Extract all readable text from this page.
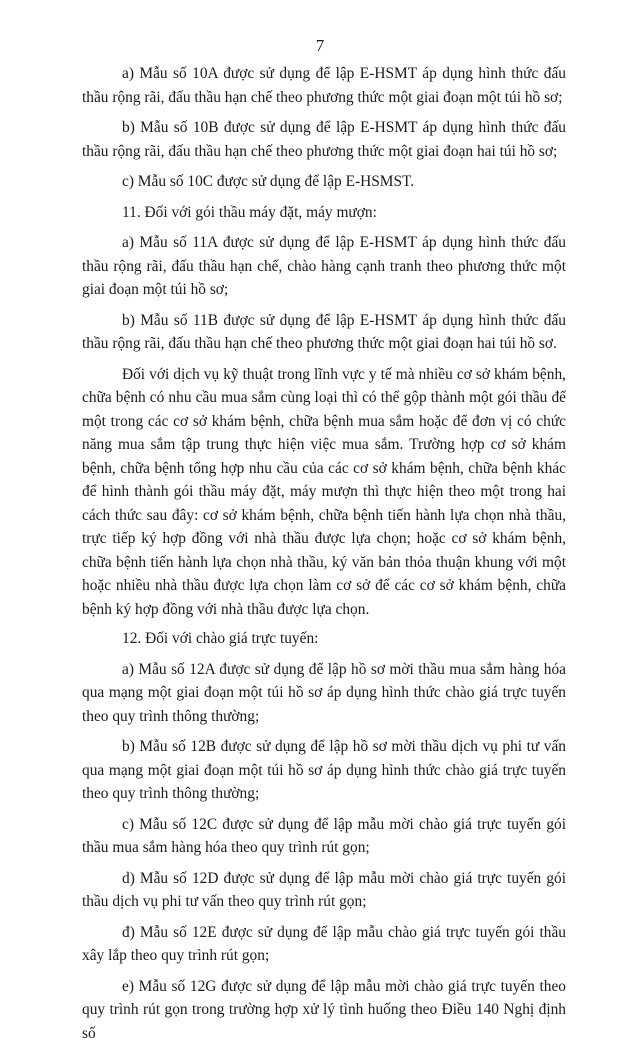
7

a) Mẫu số 10A được sử dụng để lập E-HSMT áp dụng hình thức đấu thầu rộng rãi, đấu thầu hạn chế theo phương thức một giai đoạn một túi hồ sơ;

b) Mẫu số 10B được sử dụng để lập E-HSMT áp dụng hình thức đấu thầu rộng rãi, đấu thầu hạn chế theo phương thức một giai đoạn hai túi hồ sơ;

c) Mẫu số 10C được sử dụng để lập E-HSMST.

11. Đối với gói thầu máy đặt, máy mượn:

a) Mẫu số 11A được sử dụng để lập E-HSMT áp dụng hình thức đấu thầu rộng rãi, đấu thầu hạn chế, chào hàng cạnh tranh theo phương thức một giai đoạn một túi hồ sơ;

b) Mẫu số 11B được sử dụng để lập E-HSMT áp dụng hình thức đấu thầu rộng rãi, đấu thầu hạn chế theo phương thức một giai đoạn hai túi hồ sơ.

Đối với dịch vụ kỹ thuật trong lĩnh vực y tế mà nhiều cơ sở khám bệnh, chữa bệnh có nhu cầu mua sắm cùng loại thì có thể gộp thành một gói thầu để một trong các cơ sở khám bệnh, chữa bệnh mua sắm hoặc để đơn vị có chức năng mua sắm tập trung thực hiện việc mua sắm. Trường hợp cơ sở khám bệnh, chữa bệnh tổng hợp nhu cầu của các cơ sở khám bệnh, chữa bệnh khác để hình thành gói thầu máy đặt, máy mượn thì thực hiện theo một trong hai cách thức sau đây: cơ sở khám bệnh, chữa bệnh tiến hành lựa chọn nhà thầu, trực tiếp ký hợp đồng với nhà thầu được lựa chọn; hoặc cơ sở khám bệnh, chữa bệnh tiến hành lựa chọn nhà thầu, ký văn bản thỏa thuận khung với một hoặc nhiều nhà thầu được lựa chọn làm cơ sở để các cơ sở khám bệnh, chữa bệnh ký hợp đồng với nhà thầu được lựa chọn.

12. Đối với chào giá trực tuyến:

a) Mẫu số 12A được sử dụng để lập hồ sơ mời thầu mua sắm hàng hóa qua mạng một giai đoạn một túi hồ sơ áp dụng hình thức chào giá trực tuyến theo quy trình thông thường;

b) Mẫu số 12B được sử dụng để lập hồ sơ mời thầu dịch vụ phi tư vấn qua mạng một giai đoạn một túi hồ sơ áp dụng hình thức chào giá trực tuyến theo quy trình thông thường;

c) Mẫu số 12C được sử dụng để lập mẫu mời chào giá trực tuyến gói thầu mua sắm hàng hóa theo quy trình rút gọn;

d) Mẫu số 12D được sử dụng để lập mẫu mời chào giá trực tuyến gói thầu dịch vụ phi tư vấn theo quy trình rút gọn;

đ) Mẫu số 12E được sử dụng để lập mẫu chào giá trực tuyến gói thầu xây lắp theo quy trình rút gọn;

e) Mẫu số 12G được sử dụng để lập mẫu mời chào giá trực tuyến theo quy trình rút gọn trong trường hợp xử lý tình huống theo Điều 140 Nghị định số
